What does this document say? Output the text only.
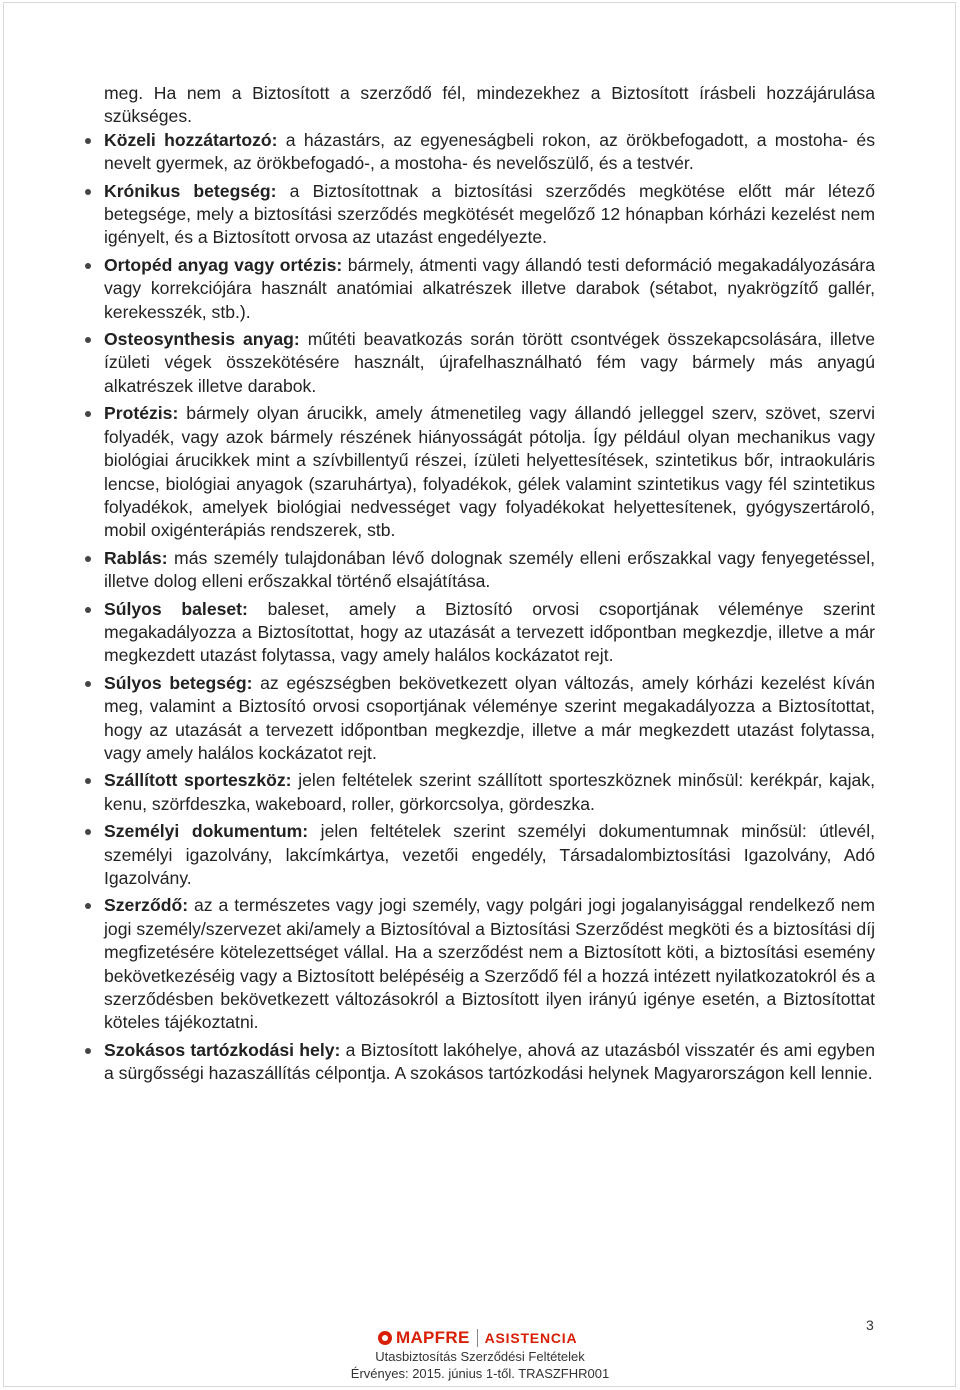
meg. Ha nem a Biztosított a szerződő fél, mindezekhez a Biztosított írásbeli hozzájárulása szükséges.

Közeli hozzátartozó: a házastárs, az egyeneságbeli rokon, az örökbefogadott, a mostoha- és nevelt gyermek, az örökbefogadó-, a mostoha- és nevelőszülő, és a testvér.
Krónikus betegség: a Biztosítottnak a biztosítási szerződés megkötése előtt már létező betegsége, mely a biztosítási szerződés megkötését megelőző 12 hónapban kórházi kezelést nem igényelt, és a Biztosított orvosa az utazást engedélyezte.
Ortopéd anyag vagy ortézis: bármely, átmenti vagy állandó testi deformáció megakadályozására vagy korrekciójára használt anatómiai alkatrészek illetve darabok (sétabot, nyakrögzítő gallér, kerekesszék, stb.).
Osteosynthesis anyag: műtéti beavatkozás során törött csontvégek összekapcsolására, illetve ízületi végek összekötésére használt, újrafelhasználható fém vagy bármely más anyagú alkatrészek illetve darabok.
Protézis: bármely olyan árucikk, amely átmenetileg vagy állandó jelleggel szerv, szövet, szervi folyadék, vagy azok bármely részének hiányosságát pótolja. Így például olyan mechanikus vagy biológiai árucikkek mint a szívbillentyű részei, ízületi helyettesítések, szintetikus bőr, intraokuláris lencse, biológiai anyagok (szaruhártya), folyadékok, gélek valamint szintetikus vagy fél szintetikus folyadékok, amelyek biológiai nedvességet vagy folyadékokat helyettesítenek, gyógyszertároló, mobil oxigénterápiás rendszerek, stb.
Rablás: más személy tulajdonában lévő dolognak személy elleni erőszakkal vagy fenyegetéssel, illetve dolog elleni erőszakkal történő elsajátítása.
Súlyos baleset: baleset, amely a Biztosító orvosi csoportjának véleménye szerint megakadályozza a Biztosítottat, hogy az utazását a tervezett időpontban megkezdje, illetve a már megkezdett utazást folytassa, vagy amely halálos kockázatot rejt.
Súlyos betegség: az egészségben bekövetkezett olyan változás, amely kórházi kezelést kíván meg, valamint a Biztosító orvosi csoportjának véleménye szerint megakadályozza a Biztosítottat, hogy az utazását a tervezett időpontban megkezdje, illetve a már megkezdett utazást folytassa, vagy amely halálos kockázatot rejt.
Szállított sporteszköz: jelen feltételek szerint szállított sporteszköznek minősül: kerékpár, kajak, kenu, szörfdeszka, wakeboard, roller, görkorcsolya, gördeszka.
Személyi dokumentum: jelen feltételek szerint személyi dokumentumnak minősül: útlevél, személyi igazolvány, lakcímkártya, vezetői engedély, Társadalombiztosítási Igazolvány, Adó Igazolvány.
Szerződő: az a természetes vagy jogi személy, vagy polgári jogi jogalanyisággal rendelkező nem jogi személy/szervezet aki/amely a Biztosítóval a Biztosítási Szerződést megköti és a biztosítási díj megfizetésére kötelezettséget vállal. Ha a szerződést nem a Biztosított köti, a biztosítási esemény bekövetkezéséig vagy a Biztosított belépéséig a Szerződő fél a hozzá intézett nyilatkozatokról és a szerződésben bekövetkezett változásokról a Biztosított ilyen irányú igénye esetén, a Biztosítottat köteles tájékoztatni.
Szokásos tartózkodási hely: a Biztosított lakóhelye, ahová az utazásból visszatér és ami egyben a sürgősségi hazaszállítás célpontja. A szokásos tartózkodási helynek Magyarországon kell lennie.
MAPFRE ASISTENCIA
Utasbiztosítás Szerződési Feltételek
Érvényes: 2015. június 1-től. TRASZFHR001
3
